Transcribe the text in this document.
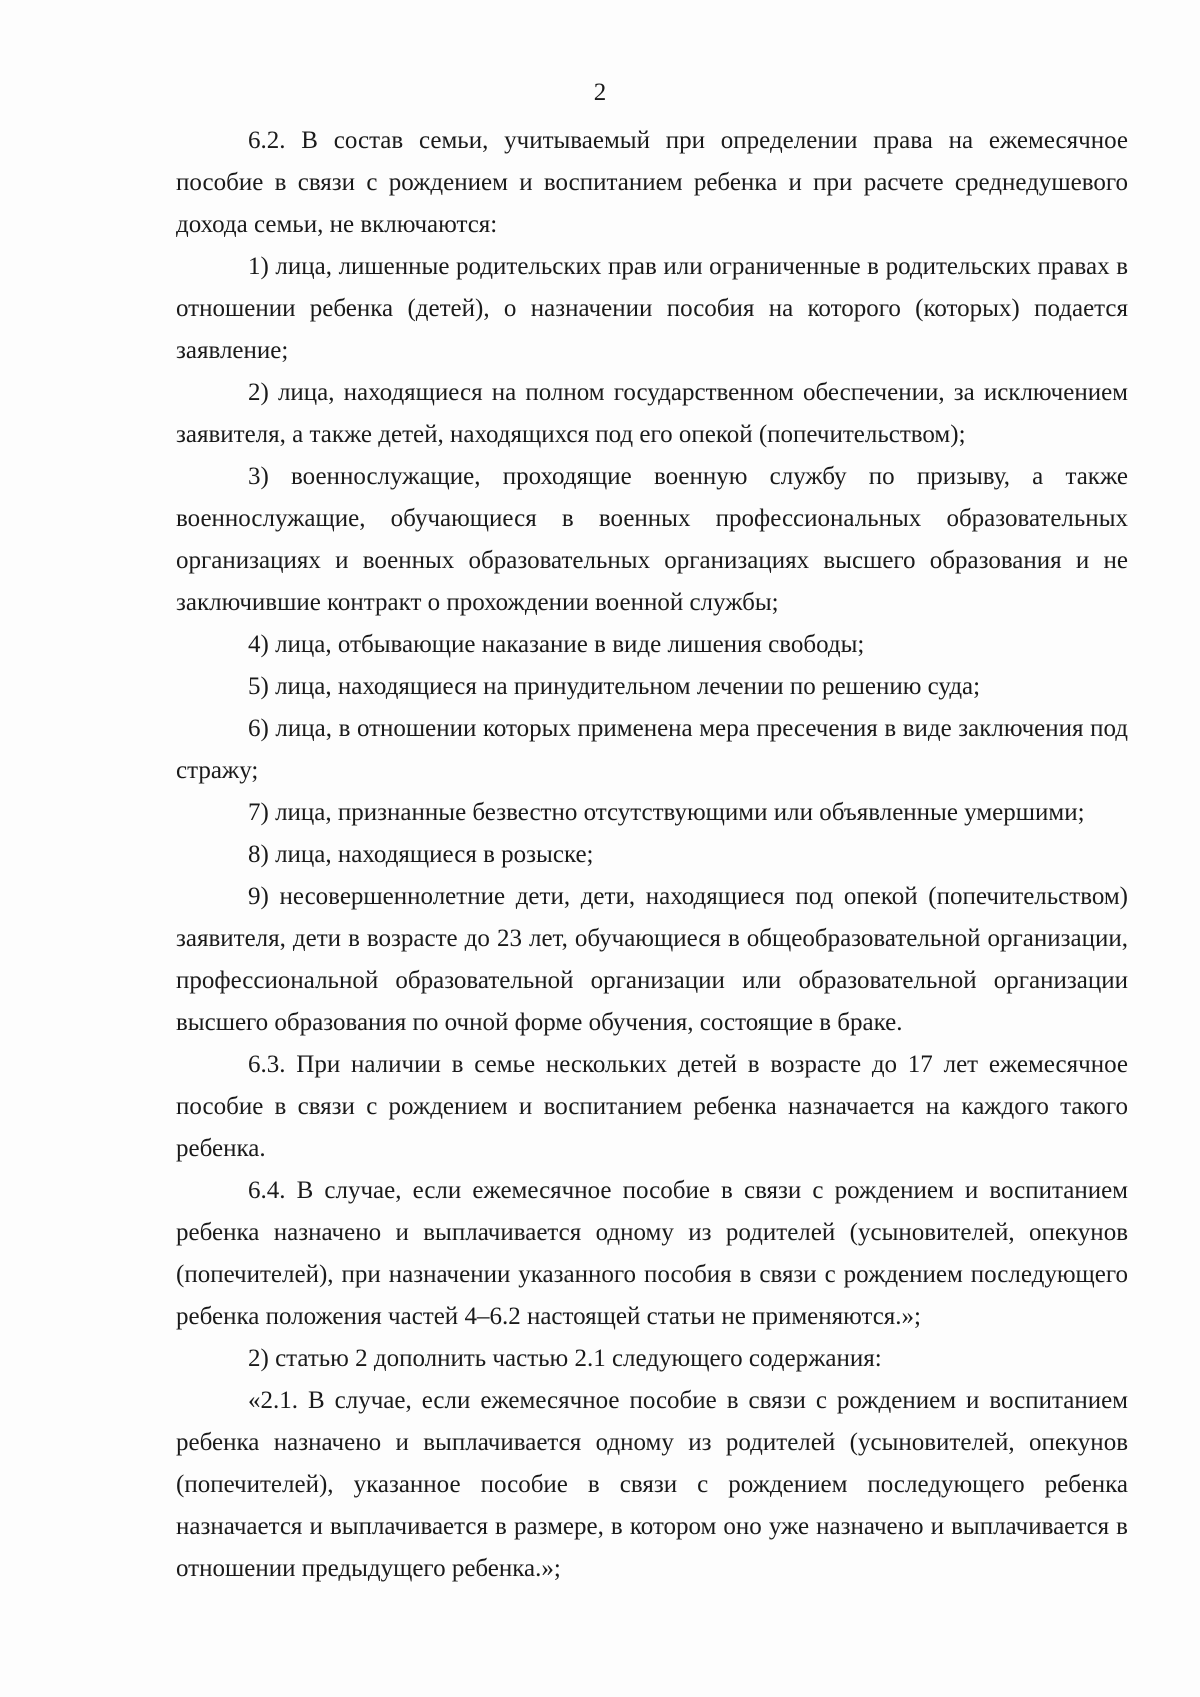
2

6.2. В состав семьи, учитываемый при определении права на ежемесячное пособие в связи с рождением и воспитанием ребенка и при расчете среднедушевого дохода семьи, не включаются:

1) лица, лишенные родительских прав или ограниченные в родительских правах в отношении ребенка (детей), о назначении пособия на которого (которых) подается заявление;

2) лица, находящиеся на полном государственном обеспечении, за исключением заявителя, а также детей, находящихся под его опекой (попечительством);

3) военнослужащие, проходящие военную службу по призыву, а также военнослужащие, обучающиеся в военных профессиональных образовательных организациях и военных образовательных организациях высшего образования и не заключившие контракт о прохождении военной службы;

4) лица, отбывающие наказание в виде лишения свободы;

5) лица, находящиеся на принудительном лечении по решению суда;

6) лица, в отношении которых применена мера пресечения в виде заключения под стражу;

7) лица, признанные безвестно отсутствующими или объявленные умершими;

8) лица, находящиеся в розыске;

9) несовершеннолетние дети, дети, находящиеся под опекой (попечительством) заявителя, дети в возрасте до 23 лет, обучающиеся в общеобразовательной организации, профессиональной образовательной организации или образовательной организации высшего образования по очной форме обучения, состоящие в браке.

6.3. При наличии в семье нескольких детей в возрасте до 17 лет ежемесячное пособие в связи с рождением и воспитанием ребенка назначается на каждого такого ребенка.

6.4. В случае, если ежемесячное пособие в связи с рождением и воспитанием ребенка назначено и выплачивается одному из родителей (усыновителей, опекунов (попечителей), при назначении указанного пособия в связи с рождением последующего ребенка положения частей 4–6.2 настоящей статьи не применяются.»;

2) статью 2 дополнить частью 2.1 следующего содержания:

«2.1. В случае, если ежемесячное пособие в связи с рождением и воспитанием ребенка назначено и выплачивается одному из родителей (усыновителей, опекунов (попечителей), указанное пособие в связи с рождением последующего ребенка назначается и выплачивается в размере, в котором оно уже назначено и выплачивается в отношении предыдущего ребенка.»;
